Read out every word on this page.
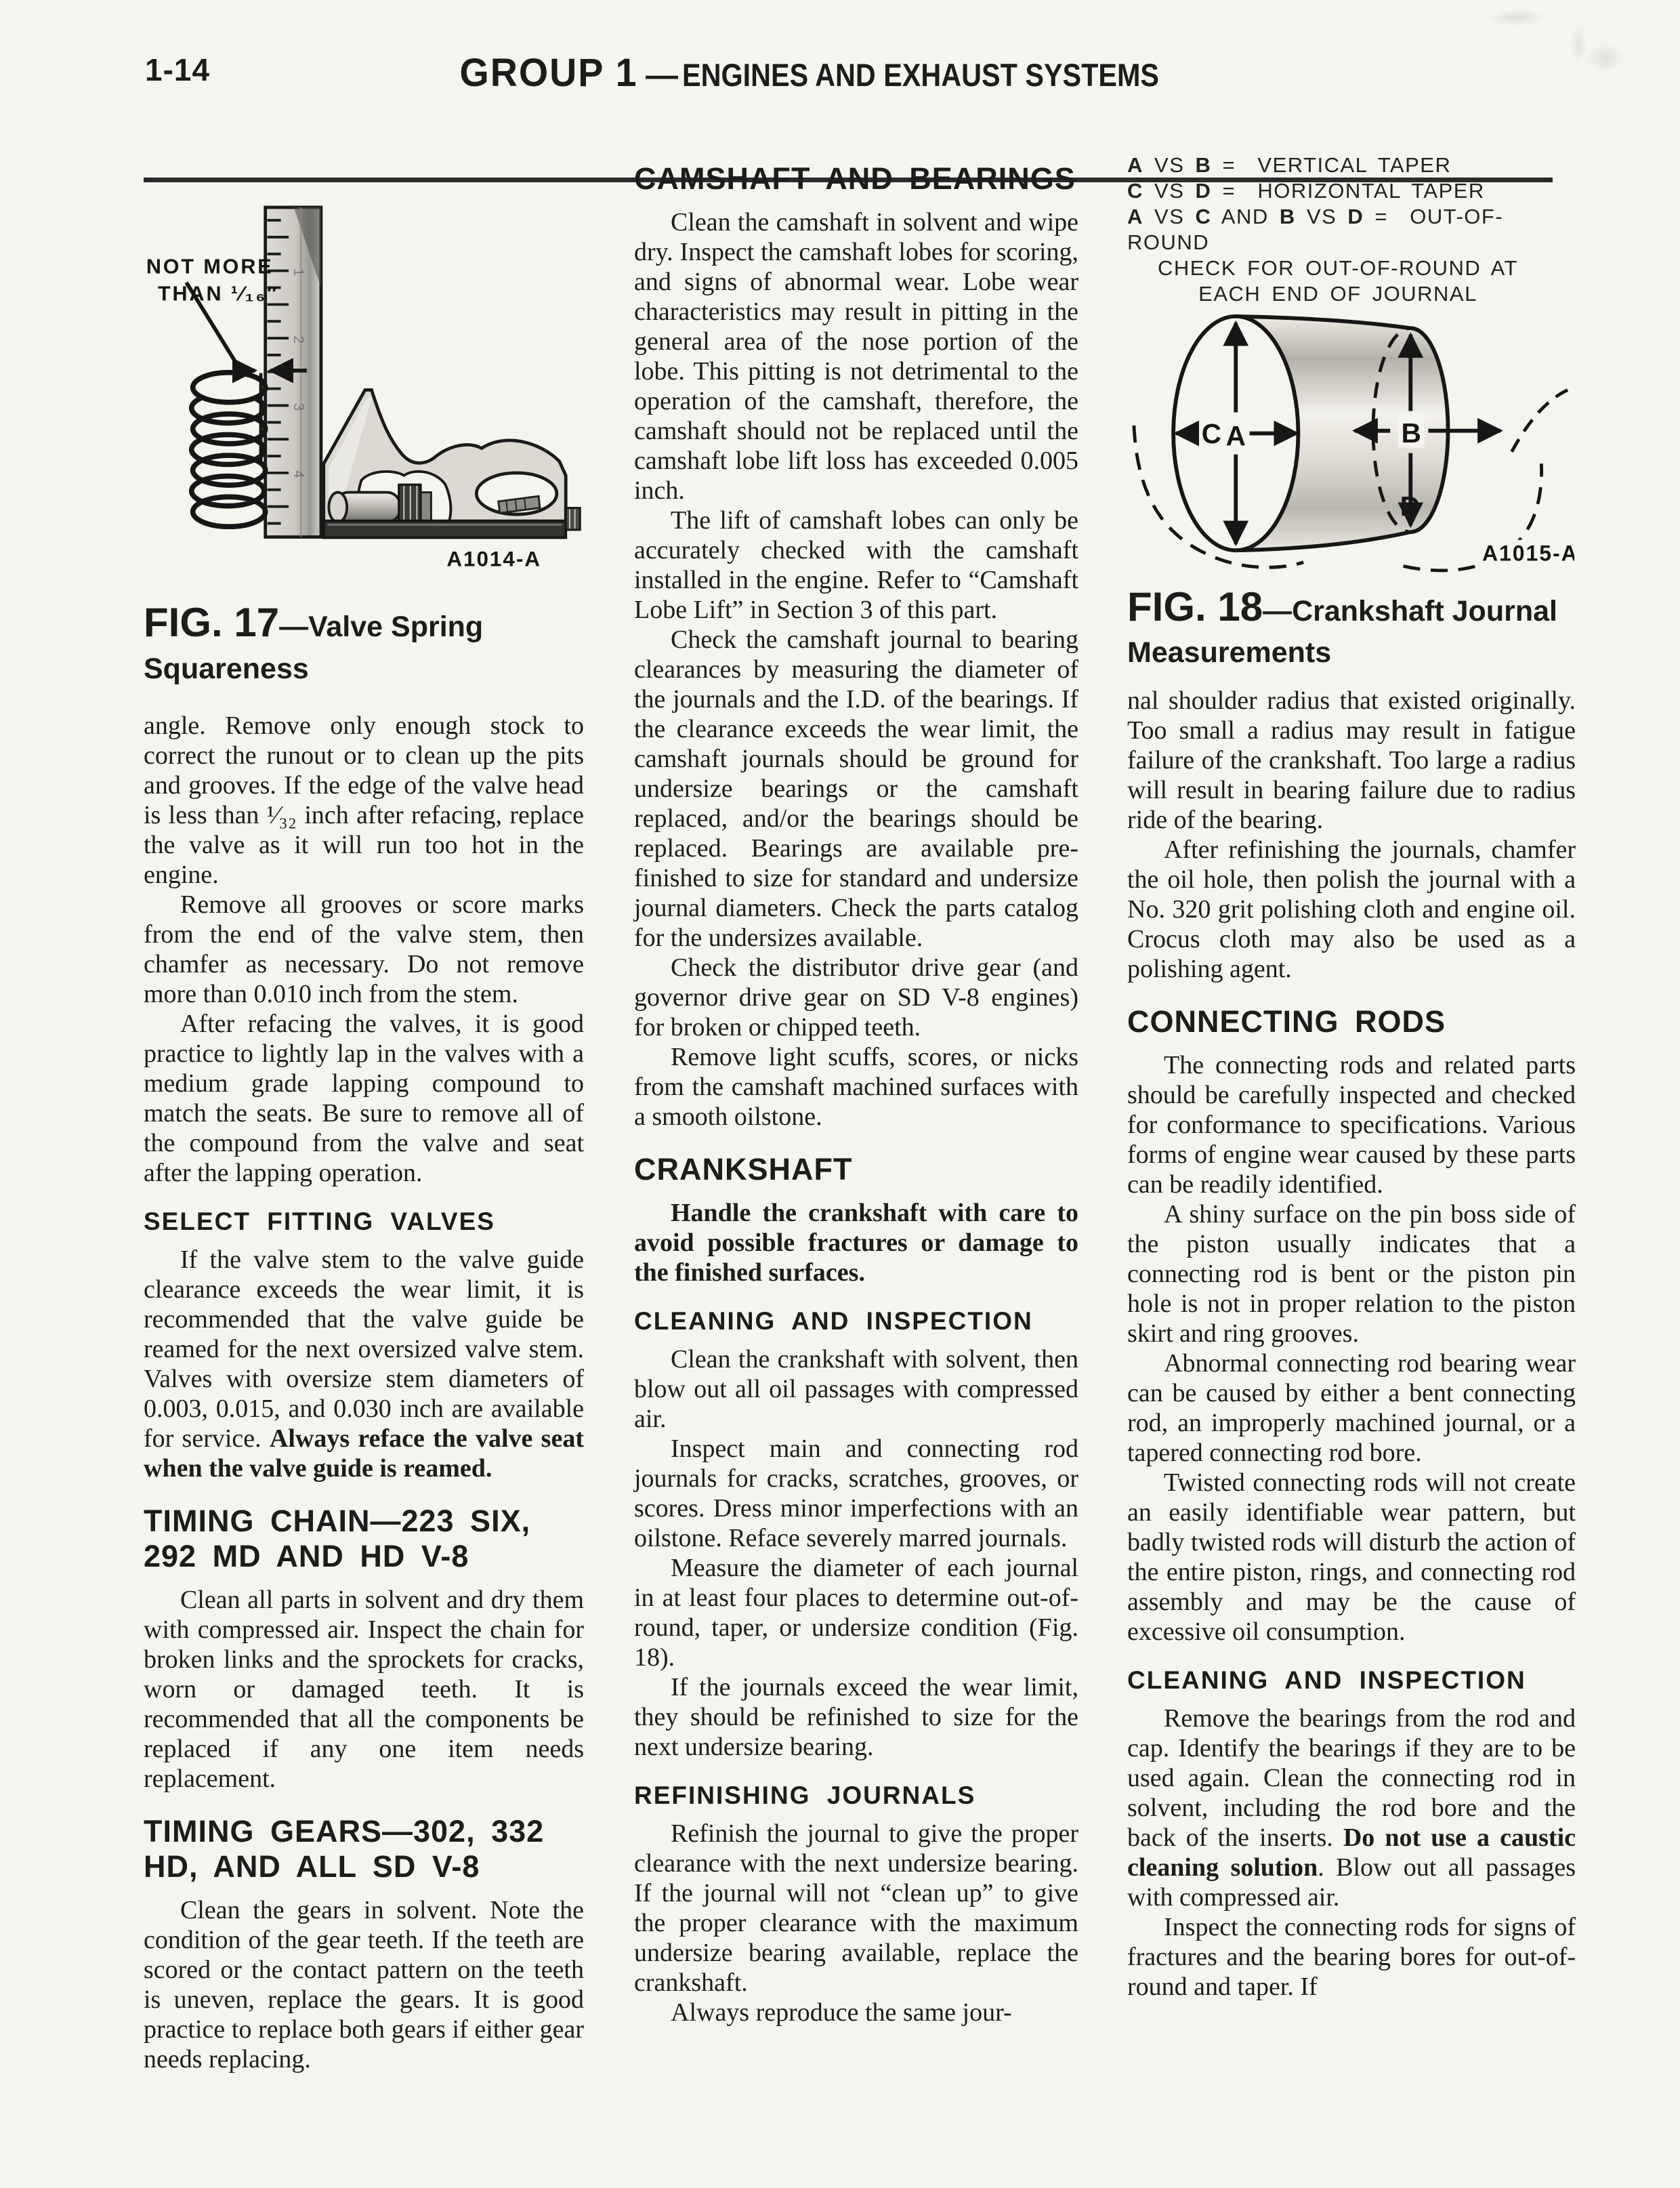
1-14	GROUP 1 — ENGINES AND EXHAUST SYSTEMS
1
2
3
4
NOT MORE
THAN ¹⁄₁₆″
A1014-A
FIG. 17—Valve Spring Squareness

angle. Remove only enough stock to correct the runout or to clean up the pits and grooves. If the edge of the valve head is less than ¹⁄₃₂ inch after refacing, replace the valve as it will run too hot in the engine.

Remove all grooves or score marks from the end of the valve stem, then chamfer as necessary. Do not remove more than 0.010 inch from the stem.

After refacing the valves, it is good practice to lightly lap in the valves with a medium grade lapping compound to match the seats. Be sure to remove all of the compound from the valve and seat after the lapping operation.

SELECT FITTING VALVES

If the valve stem to the valve guide clearance exceeds the wear limit, it is recommended that the valve guide be reamed for the next oversized valve stem. Valves with oversize stem diameters of 0.003, 0.015, and 0.030 inch are available for service. Always reface the valve seat when the valve guide is reamed.

TIMING CHAIN—223 SIX,
292 MD AND HD V-8

Clean all parts in solvent and dry them with compressed air. Inspect the chain for broken links and the sprockets for cracks, worn or damaged teeth. It is recommended that all the components be replaced if any one item needs replacement.

TIMING GEARS—302, 332
HD, AND ALL SD V-8

Clean the gears in solvent. Note the condition of the gear teeth. If the teeth are scored or the contact pattern on the teeth is uneven, replace the gears. It is good practice to replace both gears if either gear needs replacing.

CAMSHAFT AND BEARINGS

Clean the camshaft in solvent and wipe dry. Inspect the camshaft lobes for scoring, and signs of abnormal wear. Lobe wear characteristics may result in pitting in the general area of the nose portion of the lobe. This pitting is not detrimental to the operation of the camshaft, therefore, the camshaft should not be replaced until the camshaft lobe lift loss has exceeded 0.005 inch.

The lift of camshaft lobes can only be accurately checked with the camshaft installed in the engine. Refer to “Camshaft Lobe Lift” in Section 3 of this part.

Check the camshaft journal to bearing clearances by measuring the diameter of the journals and the I.D. of the bearings. If the clearance exceeds the wear limit, the camshaft journals should be ground for undersize bearings or the camshaft replaced, and/or the bearings should be replaced. Bearings are available pre-finished to size for standard and undersize journal diameters. Check the parts catalog for the undersizes available.

Check the distributor drive gear (and governor drive gear on SD V-8 engines) for broken or chipped teeth.

Remove light scuffs, scores, or nicks from the camshaft machined surfaces with a smooth oilstone.

CRANKSHAFT

Handle the crankshaft with care to avoid possible fractures or damage to the finished surfaces.

CLEANING AND INSPECTION

Clean the crankshaft with solvent, then blow out all oil passages with compressed air.

Inspect main and connecting rod journals for cracks, scratches, grooves, or scores. Dress minor imperfections with an oilstone. Reface severely marred journals.

Measure the diameter of each journal in at least four places to determine out-of-round, taper, or undersize condition (Fig. 18).

If the journals exceed the wear limit, they should be refinished to size for the next undersize bearing.

REFINISHING JOURNALS

Refinish the journal to give the proper clearance with the next undersize bearing. If the journal will not “clean up” to give the proper clearance with the maximum undersize bearing available, replace the crankshaft.

Always reproduce the same jour-

A VS B = VERTICAL TAPER
C VS D = HORIZONTAL TAPER
A VS C AND B VS D = OUT-OF-ROUND
CHECK FOR OUT-OF-ROUND AT
EACH END OF JOURNAL
A
C	B
D
A1015-A
FIG. 18—Crankshaft Journal
Measurements

nal shoulder radius that existed originally. Too small a radius may result in fatigue failure of the crankshaft. Too large a radius will result in bearing failure due to radius ride of the bearing.

After refinishing the journals, chamfer the oil hole, then polish the journal with a No. 320 grit polishing cloth and engine oil. Crocus cloth may also be used as a polishing agent.

CONNECTING RODS

The connecting rods and related parts should be carefully inspected and checked for conformance to specifications. Various forms of engine wear caused by these parts can be readily identified.

A shiny surface on the pin boss side of the piston usually indicates that a connecting rod is bent or the piston pin hole is not in proper relation to the piston skirt and ring grooves.

Abnormal connecting rod bearing wear can be caused by either a bent connecting rod, an improperly machined journal, or a tapered connecting rod bore.

Twisted connecting rods will not create an easily identifiable wear pattern, but badly twisted rods will disturb the action of the entire piston, rings, and connecting rod assembly and may be the cause of excessive oil consumption.

CLEANING AND INSPECTION

Remove the bearings from the rod and cap. Identify the bearings if they are to be used again. Clean the connecting rod in solvent, including the rod bore and the back of the inserts. Do not use a caustic cleaning solution. Blow out all passages with compressed air.

Inspect the connecting rods for signs of fractures and the bearing bores for out-of-round and taper. If
